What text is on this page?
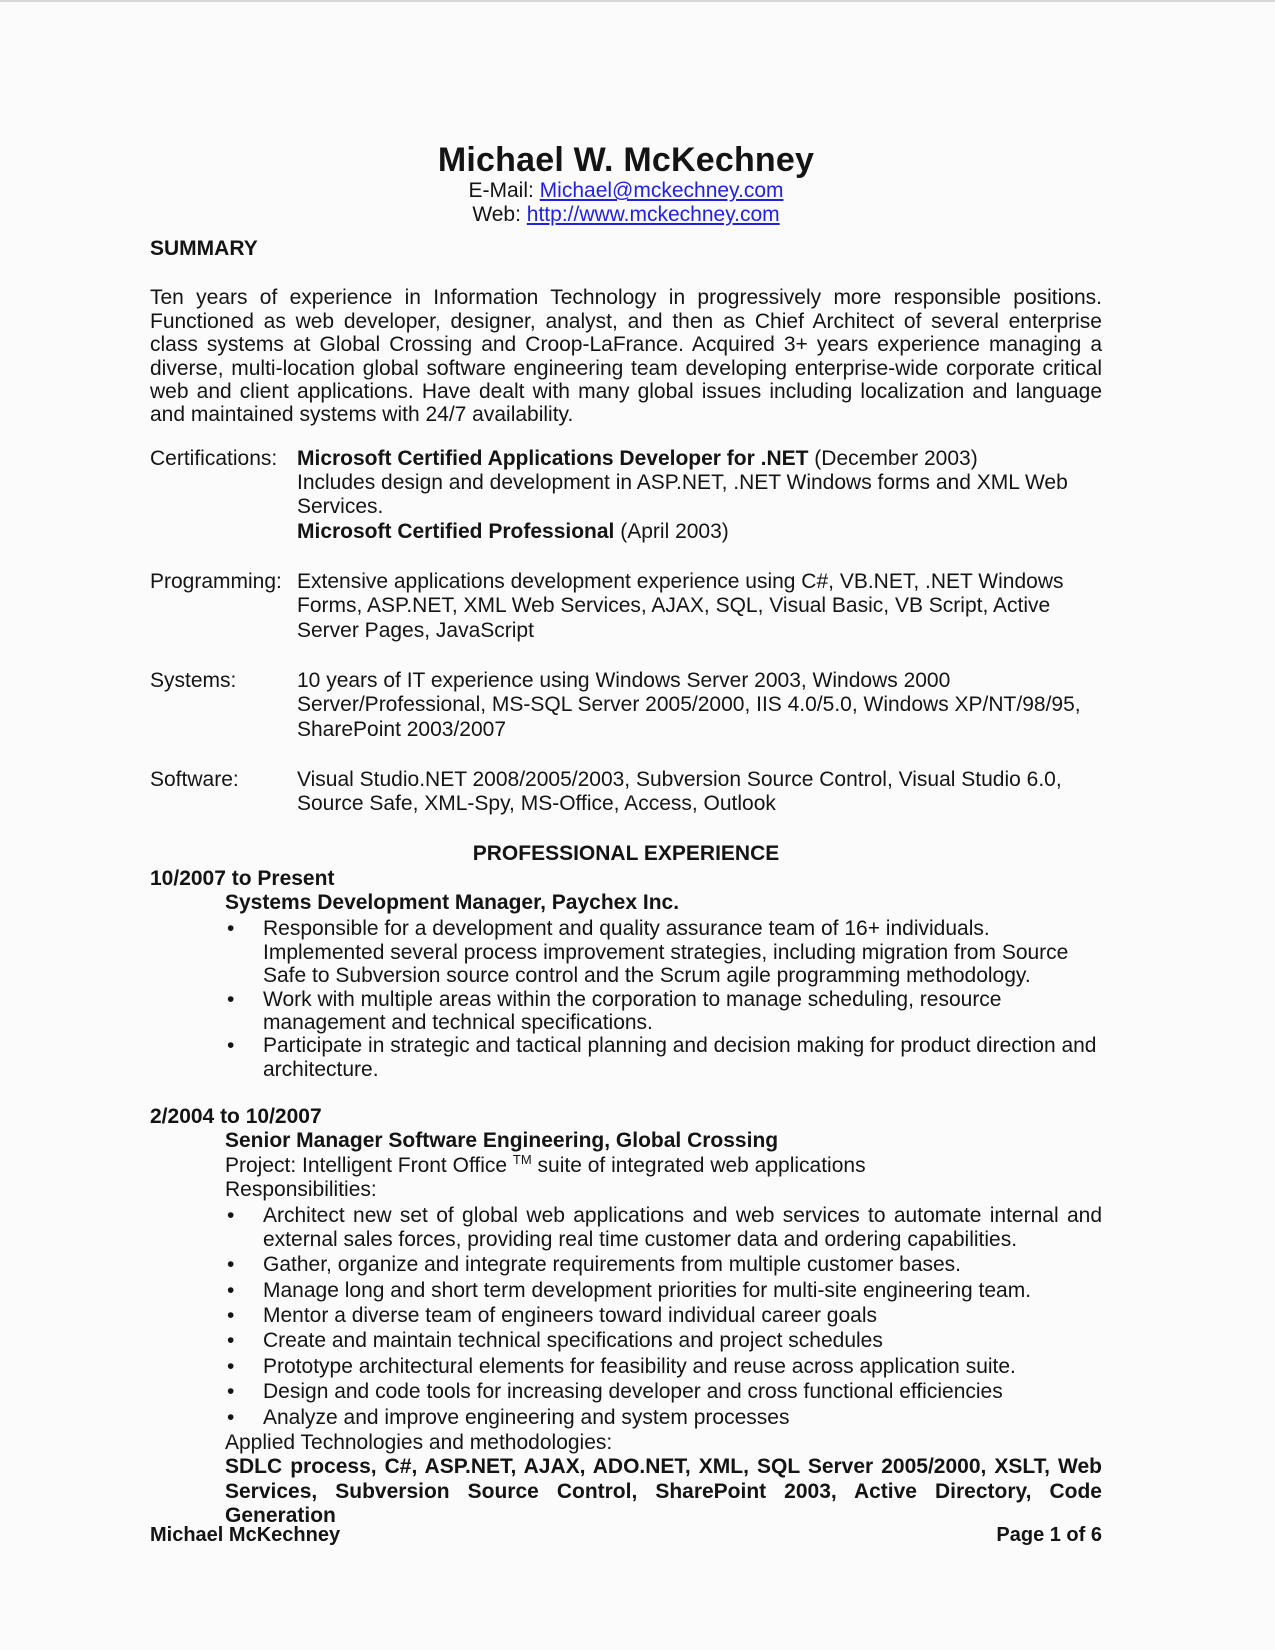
Michael W. McKechney
E-Mail: Michael@mckechney.com
Web: http://www.mckechney.com
SUMMARY

Ten years of experience in Information Technology in progressively more responsible positions. Functioned as web developer, designer, analyst, and then as Chief Architect of several enterprise class systems at Global Crossing and Croop-LaFrance. Acquired 3+ years experience managing a diverse, multi-location global software engineering team developing enterprise-wide corporate critical web and client applications. Have dealt with many global issues including localization and language and maintained systems with 24/7 availability.

Certifications: Microsoft Certified Applications Developer for .NET (December 2003)
Includes design and development in ASP.NET, .NET Windows forms and XML Web Services.
Microsoft Certified Professional (April 2003)
Programming: Extensive applications development experience using C#, VB.NET, .NET Windows Forms, ASP.NET, XML Web Services, AJAX, SQL, Visual Basic, VB Script, Active Server Pages, JavaScript
Systems:	10 years of IT experience using Windows Server 2003, Windows 2000 Server/Professional, MS-SQL Server 2005/2000, IIS 4.0/5.0, Windows XP/NT/98/95, SharePoint 2003/2007
Software:	Visual Studio.NET 2008/2005/2003, Subversion Source Control, Visual Studio 6.0, Source Safe, XML-Spy, MS-Office, Access, Outlook
PROFESSIONAL EXPERIENCE
10/2007 to Present
Systems Development Manager, Paychex Inc.
• Responsible for a development and quality assurance team of 16+ individuals. Implemented several process improvement strategies, including migration from Source Safe to Subversion source control and the Scrum agile programming methodology.
• Work with multiple areas within the corporation to manage scheduling, resource management and technical specifications.
• Participate in strategic and tactical planning and decision making for product direction and architecture.
2/2004 to 10/2007
Senior Manager Software Engineering, Global Crossing
Project: Intelligent Front Office ™ suite of integrated web applications
Responsibilities:
• Architect new set of global web applications and web services to automate internal and external sales forces, providing real time customer data and ordering capabilities.
• Gather, organize and integrate requirements from multiple customer bases.
• Manage long and short term development priorities for multi-site engineering team.
• Mentor a diverse team of engineers toward individual career goals
• Create and maintain technical specifications and project schedules
• Prototype architectural elements for feasibility and reuse across application suite.
• Design and code tools for increasing developer and cross functional efficiencies
• Analyze and improve engineering and system processes
Applied Technologies and methodologies:
SDLC process, C#, ASP.NET, AJAX, ADO.NET, XML, SQL Server 2005/2000, XSLT, Web Services, Subversion Source Control, SharePoint 2003, Active Directory, Code Generation
Michael McKechney	Page 1 of 6
